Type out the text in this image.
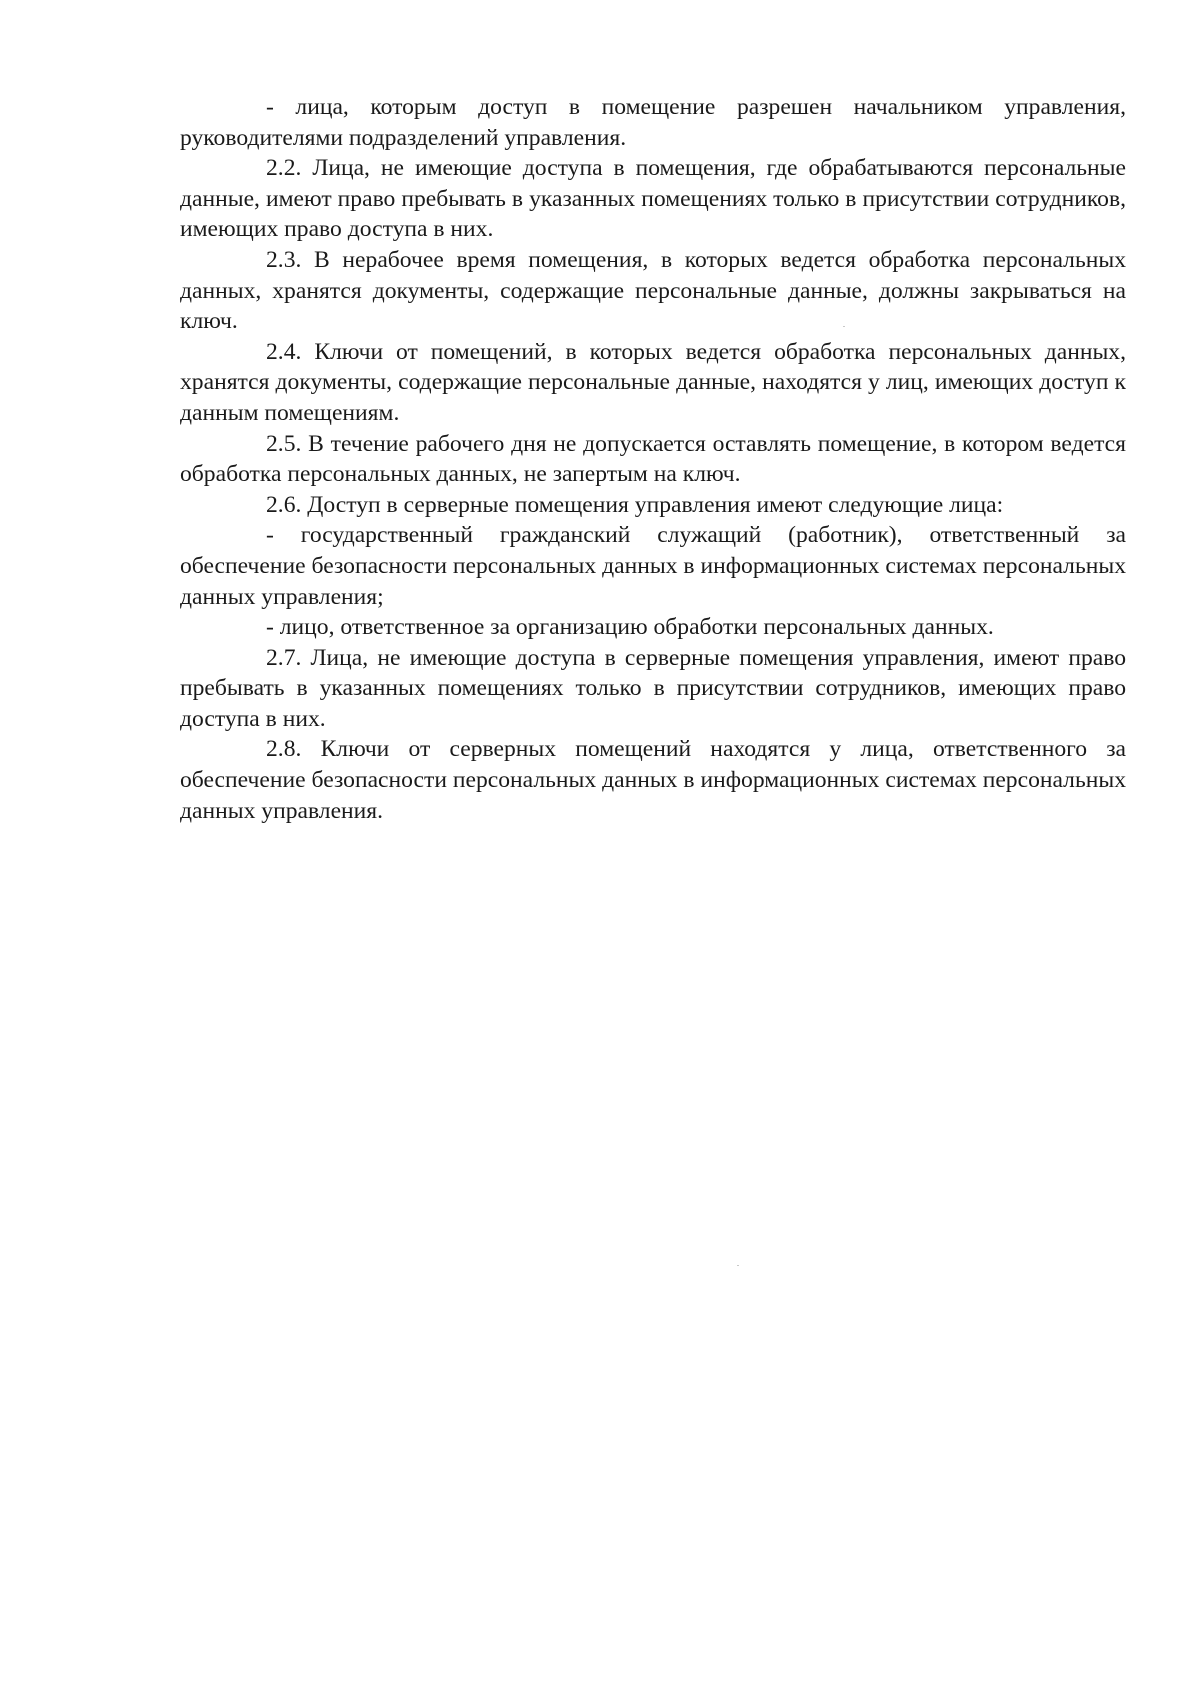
- лица, которым доступ в помещение разрешен начальником управления, руководителями подразделений управления.

2.2. Лица, не имеющие доступа в помещения, где обрабатываются персональные данные, имеют право пребывать в указанных помещениях только в присутствии сотрудников, имеющих право доступа в них.

2.3. В нерабочее время помещения, в которых ведется обработка персональных данных, хранятся документы, содержащие персональные данные, должны закрываться на ключ.

2.4. Ключи от помещений, в которых ведется обработка персональных данных, хранятся документы, содержащие персональные данные, находятся у лиц, имеющих доступ к данным помещениям.

2.5. В течение рабочего дня не допускается оставлять помещение, в котором ведется обработка персональных данных, не запертым на ключ.

2.6. Доступ в серверные помещения управления имеют следующие лица:

- государственный гражданский служащий (работник), ответственный за обеспечение безопасности персональных данных в информационных системах персональных данных управления;

- лицо, ответственное за организацию обработки персональных данных.

2.7. Лица, не имеющие доступа в серверные помещения управления, имеют право пребывать в указанных помещениях только в присутствии сотрудников, имеющих право доступа в них.

2.8. Ключи от серверных помещений находятся у лица, ответственного за обеспечение безопасности персональных данных в информационных системах персональных данных управления.
